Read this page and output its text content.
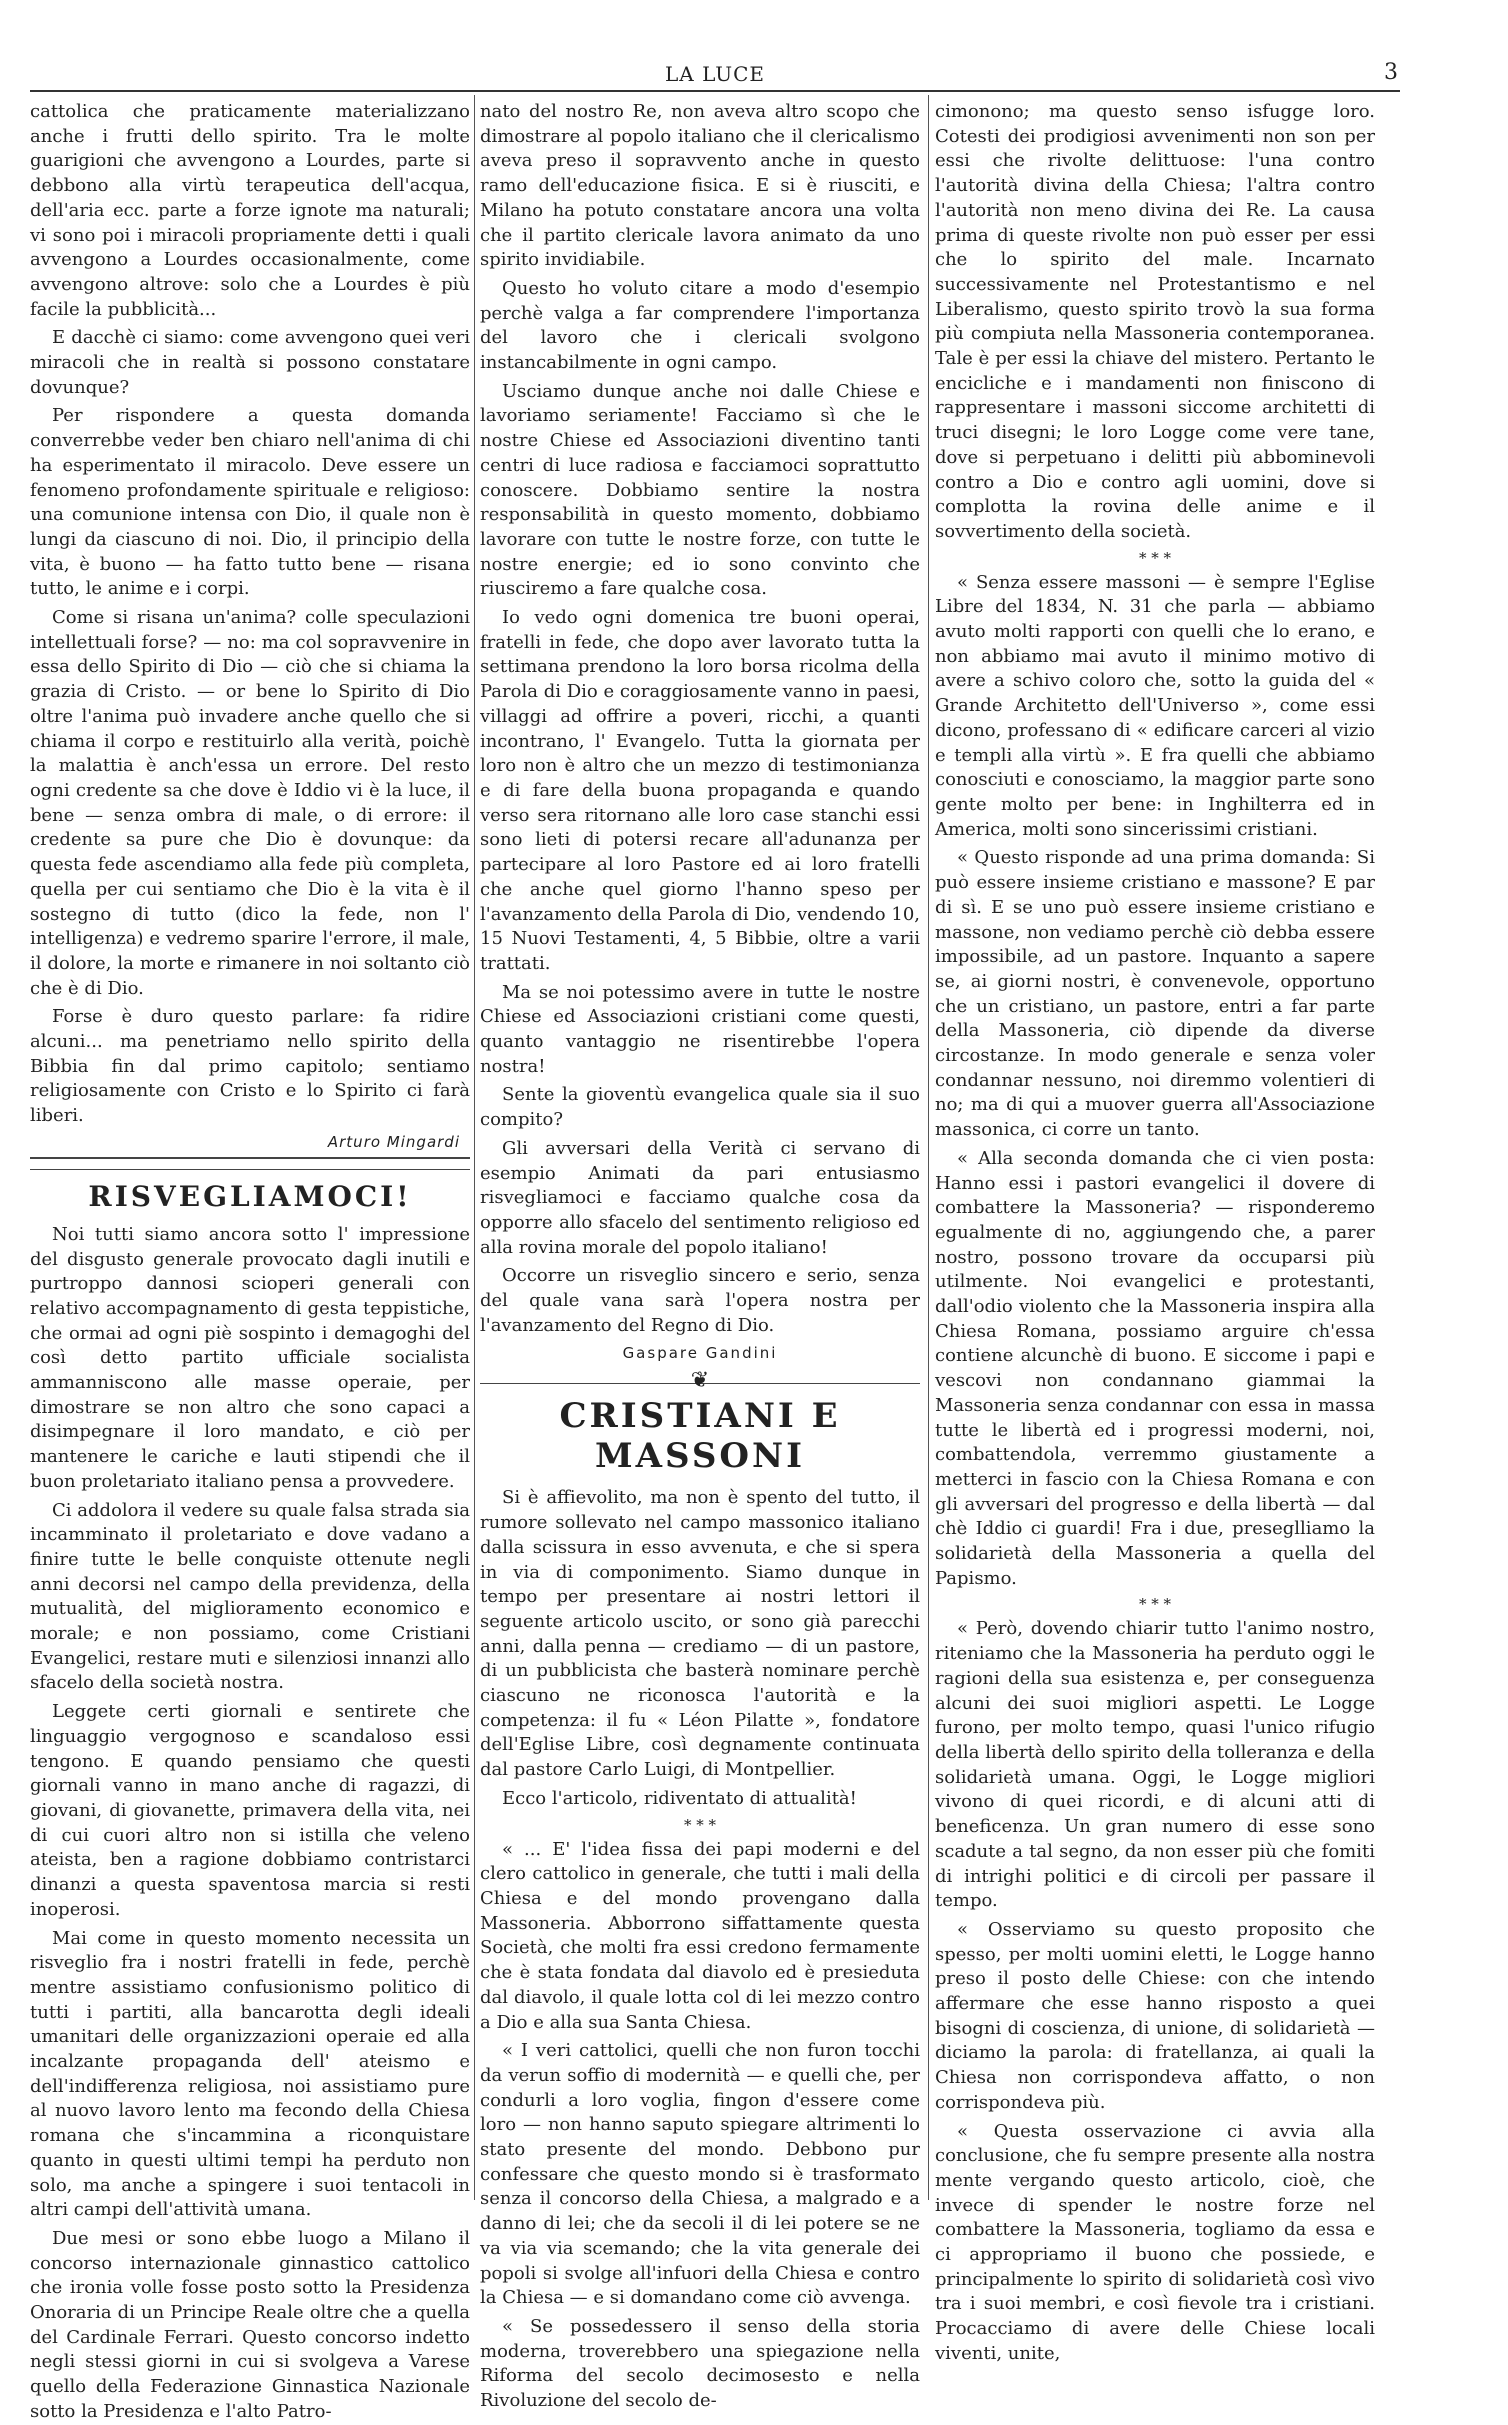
LA LUCE	3

cattolica che praticamente materializzano anche i frutti dello spirito. Tra le molte guarigioni che avvengono a Lourdes, parte si debbono alla virtù terapeutica dell'acqua, dell'aria ecc. parte a forze ignote ma naturali; vi sono poi i miracoli propriamente detti i quali avvengono a Lourdes occasionalmente, come avvengono altrove: solo che a Lourdes è più facile la pubblicità...

E dacchè ci siamo: come avvengono quei veri miracoli che in realtà si possono constatare dovunque?

Per rispondere a questa domanda converrebbe veder ben chiaro nell'anima di chi ha esperimentato il miracolo. Deve essere un fenomeno profondamente spirituale e religioso: una comunione intensa con Dio, il quale non è lungi da ciascuno di noi. Dio, il principio della vita, è buono — ha fatto tutto bene — risana tutto, le anime e i corpi.

Come si risana un'anima? colle speculazioni intellettuali forse? — no: ma col sopravvenire in essa dello Spirito di Dio — ciò che si chiama la grazia di Cristo. — or bene lo Spirito di Dio oltre l'anima può invadere anche quello che si chiama il corpo e restituirlo alla verità, poichè la malattia è anch'essa un errore. Del resto ogni credente sa che dove è Iddio vi è la luce, il bene — senza ombra di male, o di errore: il credente sa pure che Dio è dovunque: da questa fede ascendiamo alla fede più completa, quella per cui sentiamo che Dio è la vita è il sostegno di tutto (dico la fede, non l' intelligenza) e vedremo sparire l'errore, il male, il dolore, la morte e rimanere in noi soltanto ciò che è di Dio.

Forse è duro questo parlare: fa ridire alcuni... ma penetriamo nello spirito della Bibbia fin dal primo capitolo; sentiamo religiosamente con Cristo e lo Spirito ci farà liberi.

Arturo Mingardi
RISVEGLIAMOCI!

Noi tutti siamo ancora sotto l' impressione del disgusto generale provocato dagli inutili e purtroppo dannosi scioperi generali con relativo accompagnamento di gesta teppistiche, che ormai ad ogni piè sospinto i demagoghi del così detto partito ufficiale socialista ammanniscono alle masse operaie, per dimostrare se non altro che sono capaci a disimpegnare il loro mandato, e ciò per mantenere le cariche e lauti stipendi che il buon proletariato italiano pensa a provvedere.

Ci addolora il vedere su quale falsa strada sia incamminato il proletariato e dove vadano a finire tutte le belle conquiste ottenute negli anni decorsi nel campo della previdenza, della mutualità, del miglioramento economico e morale; e non possiamo, come Cristiani Evangelici, restare muti e silenziosi innanzi allo sfacelo della società nostra.

Leggete certi giornali e sentirete che linguaggio vergognoso e scandaloso essi tengono. E quando pensiamo che questi giornali vanno in mano anche di ragazzi, di giovani, di giovanette, primavera della vita, nei di cui cuori altro non si istilla che veleno ateista, ben a ragione dobbiamo contristarci dinanzi a questa spaventosa marcia si resti inoperosi.

Mai come in questo momento necessita un risveglio fra i nostri fratelli in fede, perchè mentre assistiamo confusionismo politico di tutti i partiti, alla bancarotta degli ideali umanitari delle organizzazioni operaie ed alla incalzante propaganda dell' ateismo e dell'indifferenza religiosa, noi assistiamo pure al nuovo lavoro lento ma fecondo della Chiesa romana che s'incammina a riconquistare quanto in questi ultimi tempi ha perduto non solo, ma anche a spingere i suoi tentacoli in altri campi dell'attività umana.

Due mesi or sono ebbe luogo a Milano il concorso internazionale ginnastico cattolico che ironia volle fosse posto sotto la Presidenza Onoraria di un Principe Reale oltre che a quella del Cardinale Ferrari. Questo concorso indetto negli stessi giorni in cui si svolgeva a Varese quello della Federazione Ginnastica Nazionale sotto la Presidenza e l'alto Patro-

nato del nostro Re, non aveva altro scopo che dimostrare al popolo italiano che il clericalismo aveva preso il sopravvento anche in questo ramo dell'educazione fisica. E si è riusciti, e Milano ha potuto constatare ancora una volta che il partito clericale lavora animato da uno spirito invidiabile.

Questo ho voluto citare a modo d'esempio perchè valga a far comprendere l'importanza del lavoro che i clericali svolgono instancabilmente in ogni campo.

Usciamo dunque anche noi dalle Chiese e lavoriamo seriamente! Facciamo sì che le nostre Chiese ed Associazioni diventino tanti centri di luce radiosa e facciamoci soprattutto conoscere. Dobbiamo sentire la nostra responsabilità in questo momento, dobbiamo lavorare con tutte le nostre forze, con tutte le nostre energie; ed io sono convinto che riusciremo a fare qualche cosa.

Io vedo ogni domenica tre buoni operai, fratelli in fede, che dopo aver lavorato tutta la settimana prendono la loro borsa ricolma della Parola di Dio e coraggiosamente vanno in paesi, villaggi ad offrire a poveri, ricchi, a quanti incontrano, l' Evangelo. Tutta la giornata per loro non è altro che un mezzo di testimonianza e di fare della buona propaganda e quando verso sera ritornano alle loro case stanchi essi sono lieti di potersi recare all'adunanza per partecipare al loro Pastore ed ai loro fratelli che anche quel giorno l'hanno speso per l'avanzamento della Parola di Dio, vendendo 10, 15 Nuovi Testamenti, 4, 5 Bibbie, oltre a varii trattati.

Ma se noi potessimo avere in tutte le nostre Chiese ed Associazioni cristiani come questi, quanto vantaggio ne risentirebbe l'opera nostra!

Sente la gioventù evangelica quale sia il suo compito?

Gli avversari della Verità ci servano di esempio Animati da pari entusiasmo risvegliamoci e facciamo qualche cosa da opporre allo sfacelo del sentimento religioso ed alla rovina morale del popolo italiano!

Occorre un risveglio sincero e serio, senza del quale vana sarà l'opera nostra per l'avanzamento del Regno di Dio.

Gaspare Gandini
❦
CRISTIANI E MASSONI

Si è affievolito, ma non è spento del tutto, il rumore sollevato nel campo massonico italiano dalla scissura in esso avvenuta, e che si spera in via di componimento. Siamo dunque in tempo per presentare ai nostri lettori il seguente articolo uscito, or sono già parecchi anni, dalla penna — crediamo — di un pastore, di un pubblicista che basterà nominare perchè ciascuno ne riconosca l'autorità e la competenza: il fu « Léon Pilatte », fondatore dell'Eglise Libre, così degnamente continuata dal pastore Carlo Luigi, di Montpellier.

Ecco l'articolo, ridiventato di attualità!

* * *

« ... E' l'idea fissa dei papi moderni e del clero cattolico in generale, che tutti i mali della Chiesa e del mondo provengano dalla Massoneria. Abborrono siffattamente questa Società, che molti fra essi credono fermamente che è stata fondata dal diavolo ed è presieduta dal diavolo, il quale lotta col di lei mezzo contro a Dio e alla sua Santa Chiesa.

« I veri cattolici, quelli che non furon tocchi da verun soffio di modernità — e quelli che, per condurli a loro voglia, fingon d'essere come loro — non hanno saputo spiegare altrimenti lo stato presente del mondo. Debbono pur confessare che questo mondo si è trasformato senza il concorso della Chiesa, a malgrado e a danno di lei; che da secoli il di lei potere se ne va via via scemando; che la vita generale dei popoli si svolge all'infuori della Chiesa e contro la Chiesa — e si domandano come ciò avvenga.

« Se possedessero il senso della storia moderna, troverebbero una spiegazione nella Riforma del secolo decimosesto e nella Rivoluzione del secolo de-

cimonono; ma questo senso isfugge loro. Cotesti dei prodigiosi avvenimenti non son per essi che rivolte delittuose: l'una contro l'autorità divina della Chiesa; l'altra contro l'autorità non meno divina dei Re. La causa prima di queste rivolte non può esser per essi che lo spirito del male. Incarnato successivamente nel Protestantismo e nel Liberalismo, questo spirito trovò la sua forma più compiuta nella Massoneria contemporanea. Tale è per essi la chiave del mistero. Pertanto le encicliche e i mandamenti non finiscono di rappresentare i massoni siccome architetti di truci disegni; le loro Logge come vere tane, dove si perpetuano i delitti più abbominevoli contro a Dio e contro agli uomini, dove si complotta la rovina delle anime e il sovvertimento della società.

* * *

« Senza essere massoni — è sempre l'Eglise Libre del 1834, N. 31 che parla — abbiamo avuto molti rapporti con quelli che lo erano, e non abbiamo mai avuto il minimo motivo di avere a schivo coloro che, sotto la guida del « Grande Architetto dell'Universo », come essi dicono, professano di « edificare carceri al vizio e templi alla virtù ». E fra quelli che abbiamo conosciuti e conosciamo, la maggior parte sono gente molto per bene: in Inghilterra ed in America, molti sono sincerissimi cristiani.

« Questo risponde ad una prima domanda: Si può essere insieme cristiano e massone? E par di sì. E se uno può essere insieme cristiano e massone, non vediamo perchè ciò debba essere impossibile, ad un pastore. Inquanto a sapere se, ai giorni nostri, è convenevole, opportuno che un cristiano, un pastore, entri a far parte della Massoneria, ciò dipende da diverse circostanze. In modo generale e senza voler condannar nessuno, noi diremmo volentieri di no; ma di qui a muover guerra all'Associazione massonica, ci corre un tanto.

« Alla seconda domanda che ci vien posta: Hanno essi i pastori evangelici il dovere di combattere la Massoneria? — risponderemo egualmente di no, aggiungendo che, a parer nostro, possono trovare da occuparsi più utilmente. Noi evangelici e protestanti, dall'odio violento che la Massoneria inspira alla Chiesa Romana, possiamo arguire ch'essa contiene alcunchè di buono. E siccome i papi e vescovi non condannano giammai la Massoneria senza condannar con essa in massa tutte le libertà ed i progressi moderni, noi, combattendola, verremmo giustamente a metterci in fascio con la Chiesa Romana e con gli avversari del progresso e della libertà — dal chè Iddio ci guardi! Fra i due, preseglliamo la solidarietà della Massoneria a quella del Papismo.

* * *

« Però, dovendo chiarir tutto l'animo nostro, riteniamo che la Massoneria ha perduto oggi le ragioni della sua esistenza e, per conseguenza alcuni dei suoi migliori aspetti. Le Logge furono, per molto tempo, quasi l'unico rifugio della libertà dello spirito della tolleranza e della solidarietà umana. Oggi, le Logge migliori vivono di quei ricordi, e di alcuni atti di beneficenza. Un gran numero di esse sono scadute a tal segno, da non esser più che fomiti di intrighi politici e di circoli per passare il tempo.

« Osserviamo su questo proposito che spesso, per molti uomini eletti, le Logge hanno preso il posto delle Chiese: con che intendo affermare che esse hanno risposto a quei bisogni di coscienza, di unione, di solidarietà — diciamo la parola: di fratellanza, ai quali la Chiesa non corrispondeva affatto, o non corrispondeva più.

« Questa osservazione ci avvia alla conclusione, che fu sempre presente alla nostra mente vergando questo articolo, cioè, che invece di spender le nostre forze nel combattere la Massoneria, togliamo da essa e ci appropriamo il buono che possiede, e principalmente lo spirito di solidarietà così vivo tra i suoi membri, e così fievole tra i cristiani. Procacciamo di avere delle Chiese locali viventi, unite,
